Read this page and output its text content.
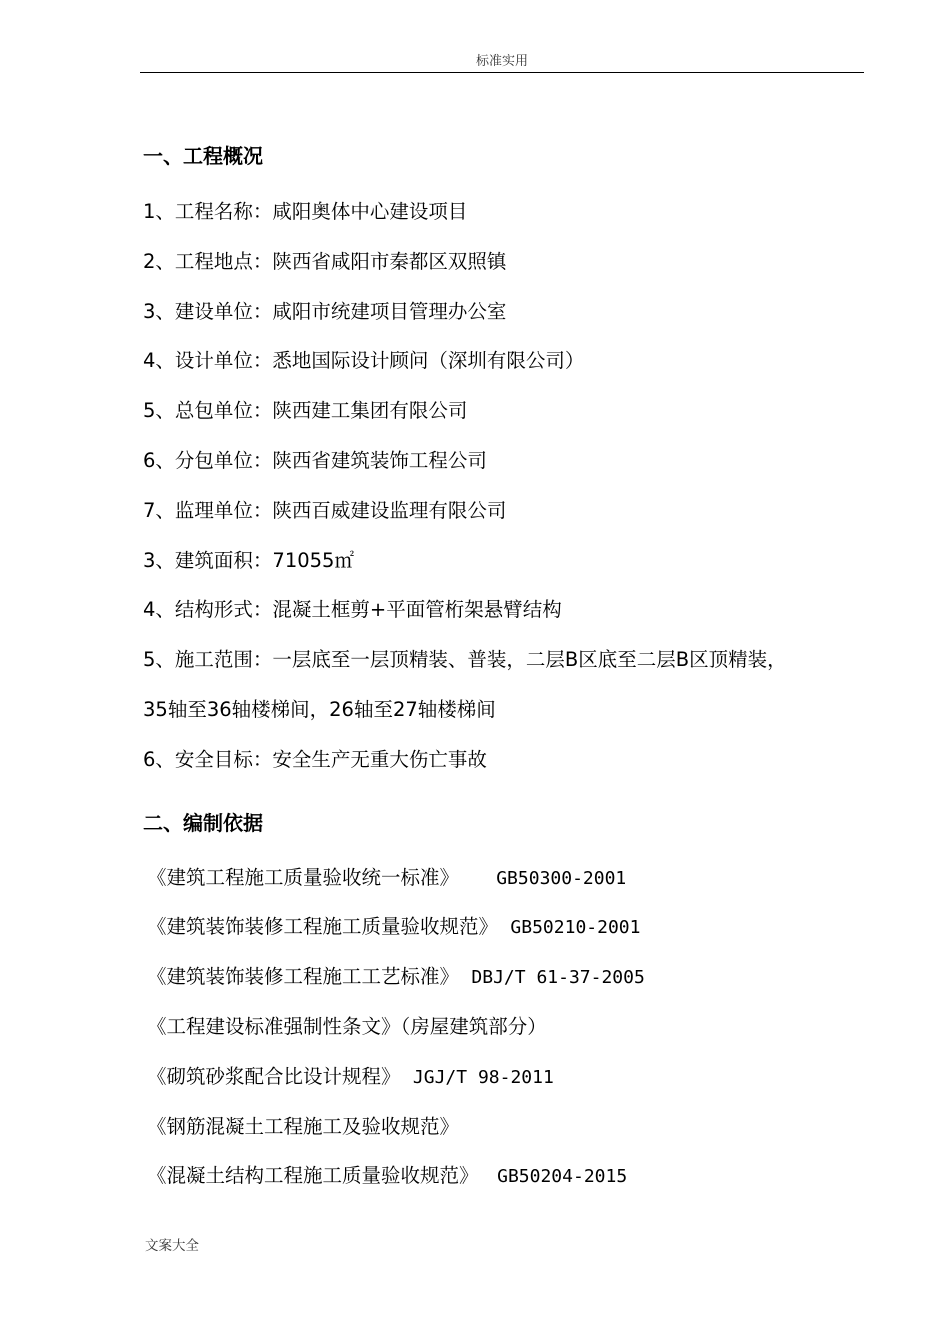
标准实用
一、工程概况
1、工程名称：咸阳奥体中心建设项目
2、工程地点：陕西省咸阳市秦都区双照镇
3、建设单位：咸阳市统建项目管理办公室
4、设计单位：悉地国际设计顾问（深圳有限公司）
5、总包单位：陕西建工集团有限公司
6、分包单位：陕西省建筑装饰工程公司
7、监理单位：陕西百威建设监理有限公司
3、建筑面积：71055㎡
4、结构形式：混凝土框剪+平面管桁架悬臂结构
5、施工范围：一层底至一层顶精装、普装，二层B区底至二层B区顶精装，
35轴至36轴楼梯间，26轴至27轴楼梯间
6、安全目标：安全生产无重大伤亡事故
二、编制依据
《建筑工程施工质量验收统一标准》 GB50300-2001
《建筑装饰装修工程施工质量验收规范》 GB50210-2001
《建筑装饰装修工程施工工艺标准》 DBJ/T 61-37-2005
《工程建设标准强制性条文》（房屋建筑部分）
《砌筑砂浆配合比设计规程》 JGJ/T 98-2011
《钢筋混凝土工程施工及验收规范》
《混凝土结构工程施工质量验收规范》 GB50204-2015
文案大全
